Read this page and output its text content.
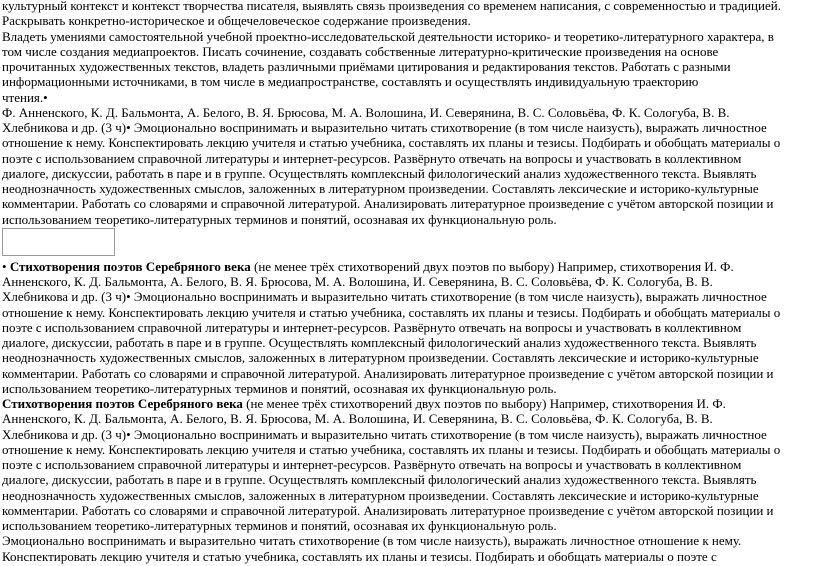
культурный контекст и контекст творчества писателя, выявлять связь произведения со временем написания, с современностью и традицией.
Раскрывать конкретно-историческое и общечеловеческое содержание произведения.
Владеть умениями самостоятельной учебной проектно-исследовательской деятельности историко- и теоретико-литературного характера, в
том числе создания медиапроектов. Писать сочинение, создавать собственные литературно-критические произведения на основе
прочитанных художественных текстов, владеть различными приёмами цитирования и редактирования текстов. Работать с разными
информационными источниками, в том числе в медиапространстве, составлять и осуществлять индивидуальную траекторию
чтения.•
Ф. Анненского, К. Д. Бальмонта, А. Белого, В. Я. Брюсова, М. А. Волошина, И. Северянина, В. С. Соловьёва, Ф. К. Сологуба, В. В.
Хлебникова и др. (3 ч)• Эмоционально воспринимать и выразительно читать стихотворение (в том числе наизусть), выражать личностное
отношение к нему. Конспектировать лекцию учителя и статью учебника, составлять их планы и тезисы. Подбирать и обобщать материалы о
поэте с использованием справочной литературы и интернет-ресурсов. Развёрнуто отвечать на вопросы и участвовать в коллективном
диалоге, дискуссии, работать в паре и в группе. Осуществлять комплексный филологический анализ художественного текста. Выявлять
неоднозначность художественных смыслов, заложенных в литературном произведении. Составлять лексические и историко-культурные
комментарии. Работать со словарями и справочной литературой. Анализировать литературное произведение с учётом авторской позиции и
использованием теоретико-литературных терминов и понятий, осознавая их функциональную роль.

• Стихотворения поэтов Серебряного века (не менее трёх стихотворений двух поэтов по выбору) Например, стихотворения И. Ф.
Анненского, К. Д. Бальмонта, А. Белого, В. Я. Брюсова, М. А. Волошина, И. Северянина, В. С. Соловьёва, Ф. К. Сологуба, В. В.
Хлебникова и др. (3 ч)• Эмоционально воспринимать и выразительно читать стихотворение (в том числе наизусть), выражать личностное
отношение к нему. Конспектировать лекцию учителя и статью учебника, составлять их планы и тезисы. Подбирать и обобщать материалы о
поэте с использованием справочной литературы и интернет-ресурсов. Развёрнуто отвечать на вопросы и участвовать в коллективном
диалоге, дискуссии, работать в паре и в группе. Осуществлять комплексный филологический анализ художественного текста. Выявлять
неоднозначность художественных смыслов, заложенных в литературном произведении. Составлять лексические и историко-культурные
комментарии. Работать со словарями и справочной литературой. Анализировать литературное произведение с учётом авторской позиции и
использованием теоретико-литературных терминов и понятий, осознавая их функциональную роль.

Стихотворения поэтов Серебряного века (не менее трёх стихотворений двух поэтов по выбору) Например, стихотворения И. Ф.
Анненского, К. Д. Бальмонта, А. Белого, В. Я. Брюсова, М. А. Волошина, И. Северянина, В. С. Соловьёва, Ф. К. Сологуба, В. В.
Хлебникова и др. (3 ч)• Эмоционально воспринимать и выразительно читать стихотворение (в том числе наизусть), выражать личностное
отношение к нему. Конспектировать лекцию учителя и статью учебника, составлять их планы и тезисы. Подбирать и обобщать материалы о
поэте с использованием справочной литературы и интернет-ресурсов. Развёрнуто отвечать на вопросы и участвовать в коллективном
диалоге, дискуссии, работать в паре и в группе. Осуществлять комплексный филологический анализ художественного текста. Выявлять
неоднозначность художественных смыслов, заложенных в литературном произведении. Составлять лексические и историко-культурные
комментарии. Работать со словарями и справочной литературой. Анализировать литературное произведение с учётом авторской позиции и
использованием теоретико-литературных терминов и понятий, осознавая их функциональную роль.

Эмоционально воспринимать и выразительно читать стихотворение (в том числе наизусть), выражать личностное отношение к нему.
Конспектировать лекцию учителя и статью учебника, составлять их планы и тезисы. Подбирать и обобщать материалы о поэте с
